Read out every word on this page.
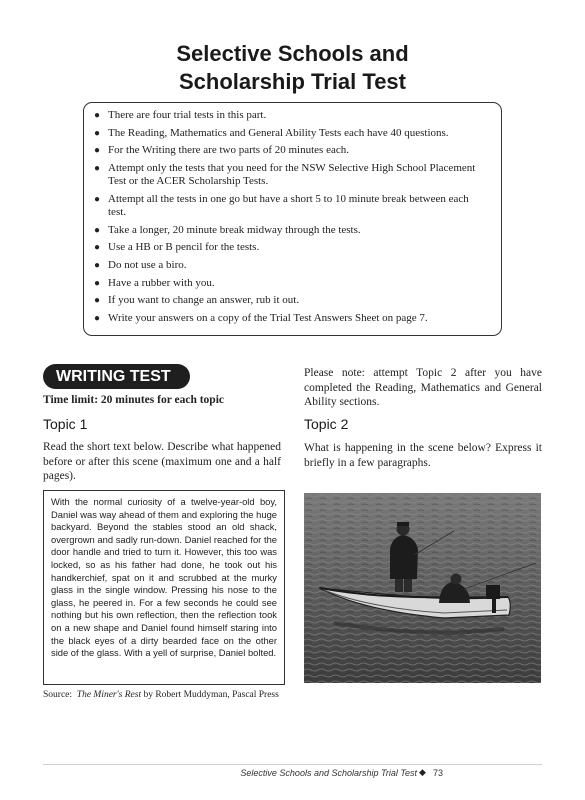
Selective Schools and
Scholarship Trial Test
● There are four trial tests in this part.
● The Reading, Mathematics and General Ability Tests each have 40 questions.
● For the Writing there are two parts of 20 minutes each.
● Attempt only the tests that you need for the NSW Selective High School Placement Test or the ACER Scholarship Tests.
● Attempt all the tests in one go but have a short 5 to 10 minute break between each test.
● Take a longer, 20 minute break midway through the tests.
● Use a HB or B pencil for the tests.
● Do not use a biro.
● Have a rubber with you.
● If you want to change an answer, rub it out.
● Write your answers on a copy of the Trial Test Answers Sheet on page 7.
WRITING TEST
Time limit: 20 minutes for each topic
Topic 1
Read the short text below. Describe what happened before or after this scene (maximum one and a half pages).
With the normal curiosity of a twelve-year-old boy, Daniel was way ahead of them and exploring the huge backyard. Beyond the stables stood an old shack, overgrown and sadly run-down. Daniel reached for the door handle and tried to turn it. However, this too was locked, so as his father had done, he took out his handkerchief, spat on it and scrubbed at the murky glass in the single window. Pressing his nose to the glass, he peered in. For a few seconds he could see nothing but his own reflection, then the reflection took on a new shape and Daniel found himself staring into the black eyes of a dirty bearded face on the other side of the glass. With a yell of surprise, Daniel bolted.
Source: The Miner's Rest by Robert Muddyman, Pascal Press
Please note: attempt Topic 2 after you have completed the Reading, Mathematics and General Ability sections.
Topic 2
What is happening in the scene below? Express it briefly in a few paragraphs.
Selective Schools and Scholarship Trial Test ◆ 73
